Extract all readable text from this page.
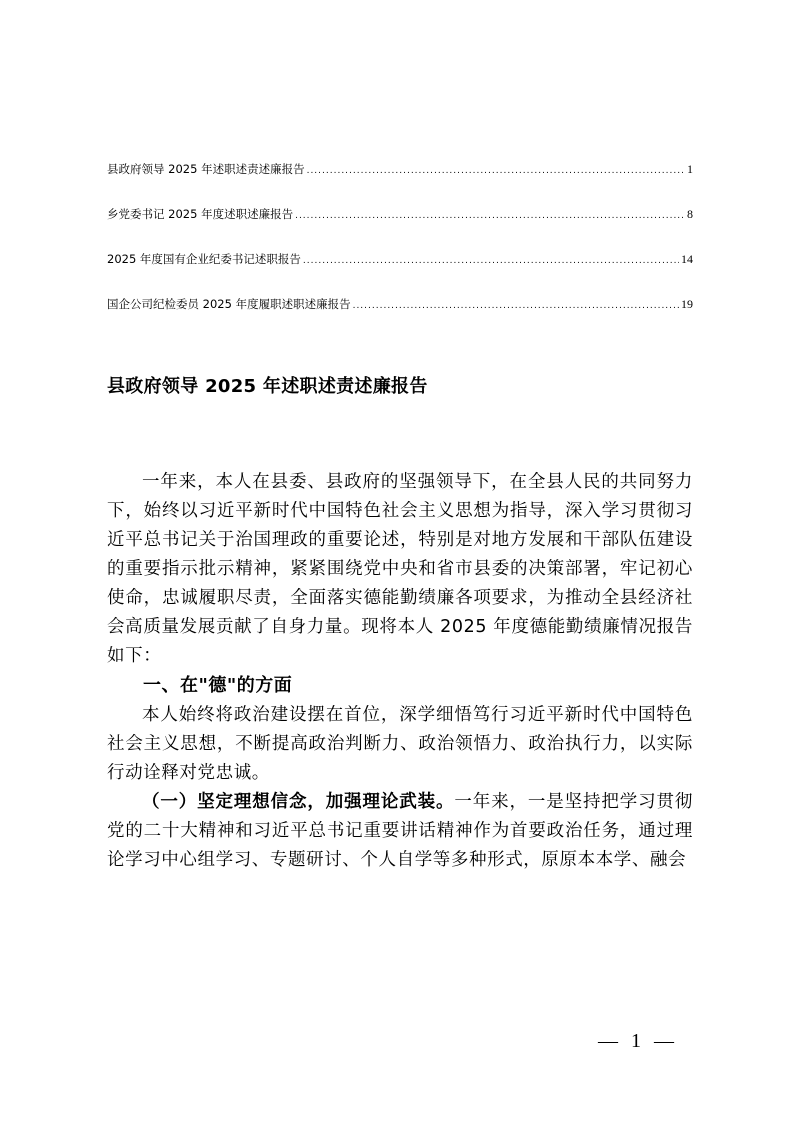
县政府领导 2025 年述职述责述廉报告 .....	1
乡党委书记 2025 年度述职述廉报告 .....	8
2025 年度国有企业纪委书记述职报告 .....	14
国企公司纪检委员 2025 年度履职述职述廉报告 .....	19
县政府领导 2025 年述职述责述廉报告

一年来，本人在县委、县政府的坚强领导下，在全县人民的共同努力下，始终以习近平新时代中国特色社会主义思想为指导，深入学习贯彻习近平总书记关于治国理政的重要论述，特别是对地方发展和干部队伍建设的重要指示批示精神，紧紧围绕党中央和省市县委的决策部署，牢记初心使命，忠诚履职尽责，全面落实德能勤绩廉各项要求，为推动全县经济社会高质量发展贡献了自身力量。现将本人 2025 年度德能勤绩廉情况报告如下：

一、在"德"的方面

本人始终将政治建设摆在首位，深学细悟笃行习近平新时代中国特色社会主义思想，不断提高政治判断力、政治领悟力、政治执行力，以实际行动诠释对党忠诚。

（一）坚定理想信念，加强理论武装。一年来，一是坚持把学习贯彻党的二十大精神和习近平总书记重要讲话精神作为首要政治任务，通过理论学习中心组学习、专题研讨、个人自学等多种形式，原原本本学、融会

— 1 —
